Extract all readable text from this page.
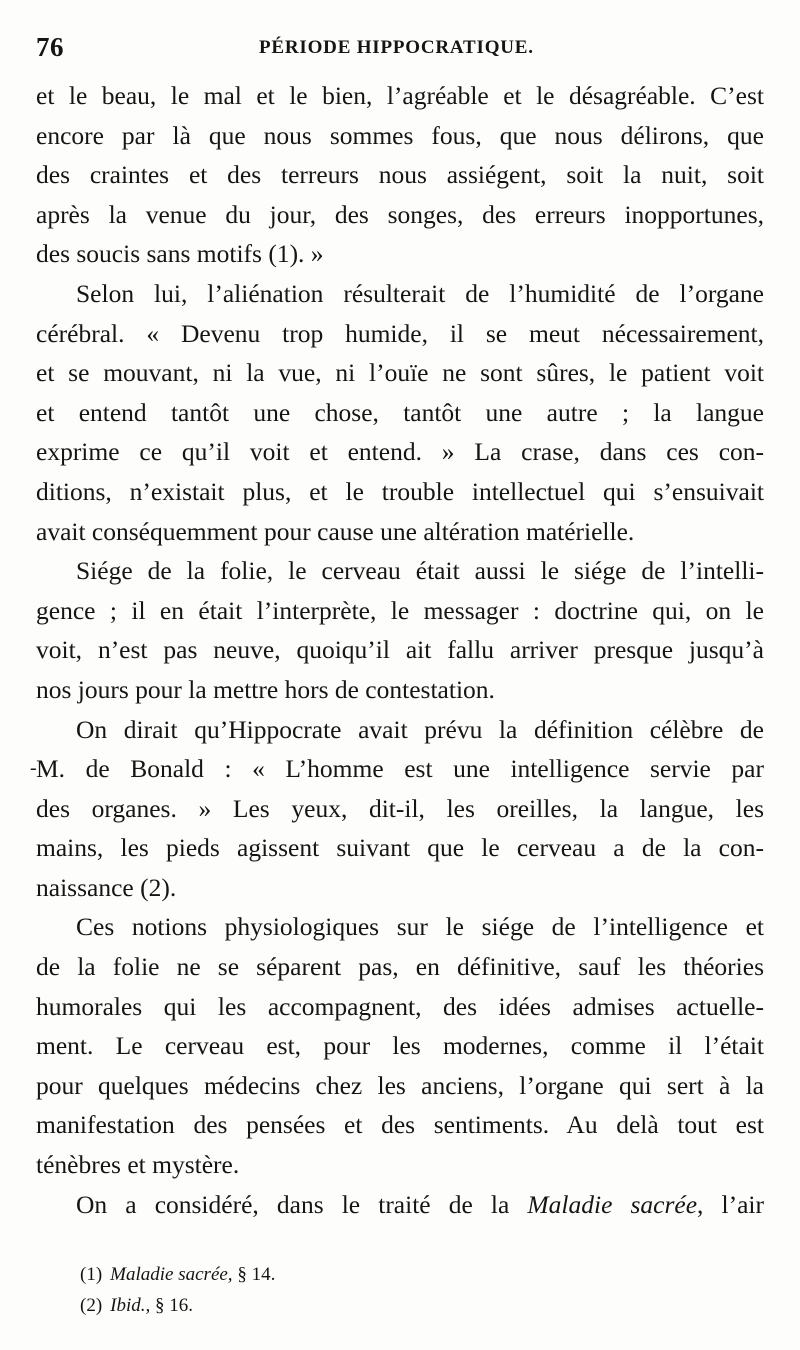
76	PÉRIODE HIPPOCRATIQUE.
et le beau, le mal et le bien, l’agréable et le désagréable. C’est
encore par là que nous sommes fous, que nous délirons, que
des craintes et des terreurs nous assiégent, soit la nuit, soit
après la venue du jour, des songes, des erreurs inopportunes,
des soucis sans motifs (1). »
Selon lui, l’aliénation résulterait de l’humidité de l’organe
cérébral. « Devenu trop humide, il se meut nécessairement,
et se mouvant, ni la vue, ni l’ouïe ne sont sûres, le patient voit
et entend tantôt une chose, tantôt une autre ; la langue
exprime ce qu’il voit et entend. » La crase, dans ces con-
ditions, n’existait plus, et le trouble intellectuel qui s’ensuivait
avait conséquemment pour cause une altération matérielle.
Siége de la folie, le cerveau était aussi le siége de l’intelli-
gence ; il en était l’interprète, le messager : doctrine qui, on le
voit, n’est pas neuve, quoiqu’il ait fallu arriver presque jusqu’à
nos jours pour la mettre hors de contestation.
On dirait qu’Hippocrate avait prévu la définition célèbre de
- M. de Bonald : « L’homme est une intelligence servie par
des organes. » Les yeux, dit-il, les oreilles, la langue, les
mains, les pieds agissent suivant que le cerveau a de la con-
naissance (2).
Ces notions physiologiques sur le siége de l’intelligence et
de la folie ne se séparent pas, en définitive, sauf les théories
humorales qui les accompagnent, des idées admises actuelle-
ment. Le cerveau est, pour les modernes, comme il l’était
pour quelques médecins chez les anciens, l’organe qui sert à la
manifestation des pensées et des sentiments. Au delà tout est
ténèbres et mystère.
On a considéré, dans le traité de la Maladie sacrée, l’air
(1) Maladie sacrée, § 14.
(2) Ibid., § 16.
